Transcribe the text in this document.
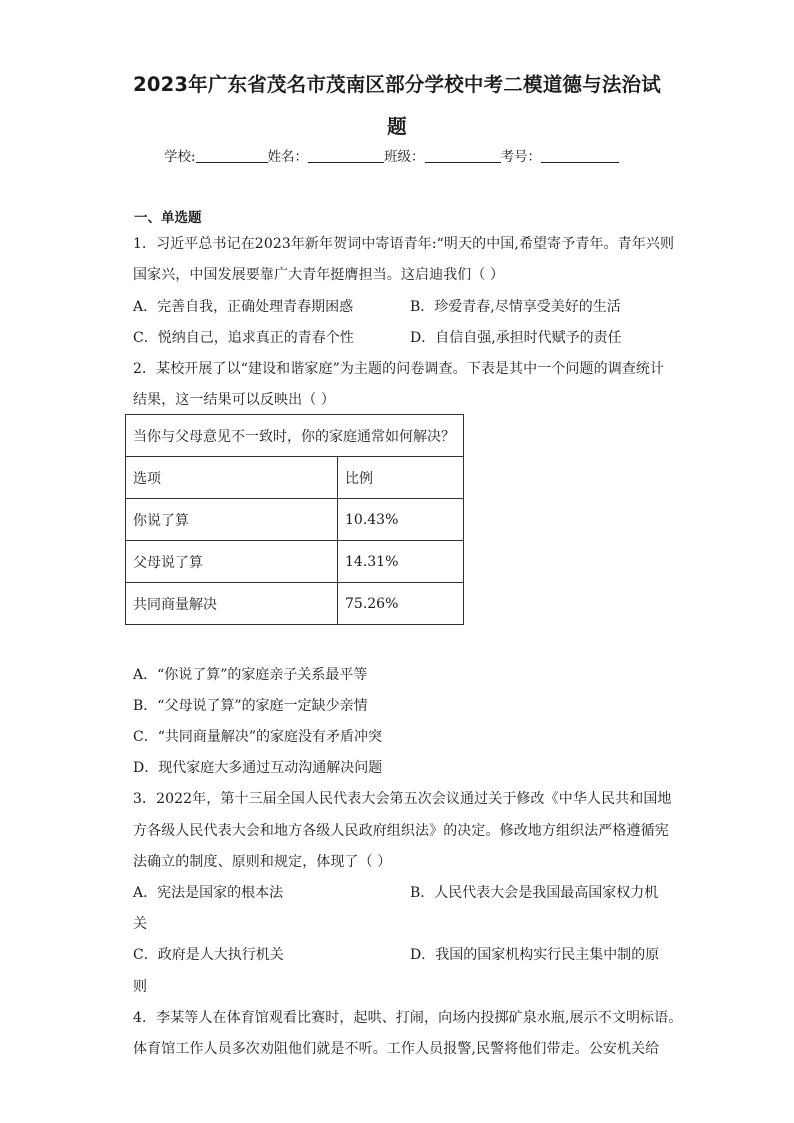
2023年广东省茂名市茂南区部分学校中考二模道德与法治试
题
学校:	姓名：	班级：	考号：
一、单选题
1．习近平总书记在2023年新年贺词中寄语青年:“明天的中国,希望寄予青年。青年兴则
国家兴，中国发展要靠广大青年挺膺担当。这启迪我们（ ）
A．完善自我，正确处理青春期困惑	B．珍爱青春,尽情享受美好的生活
C．悦纳自己，追求真正的青春个性	D．自信自强,承担时代赋予的责任
2．某校开展了以“建设和谐家庭”为主题的问卷调查。下表是其中一个问题的调查统计
结果，这一结果可以反映出（ ）
当你与父母意见不一致时，你的家庭通常如何解决？	
选项	比例
你说了算	10.43%
父母说了算	14.31%
共同商量解决	75.26%
A．“你说了算”的家庭亲子关系最平等
B．“父母说了算”的家庭一定缺少亲情
C．“共同商量解决”的家庭没有矛盾冲突
D．现代家庭大多通过互动沟通解决问题
3．2022年，第十三届全国人民代表大会第五次会议通过关于修改《中华人民共和国地
方各级人民代表大会和地方各级人民政府组织法》的决定。修改地方组织法严格遵循宪
法确立的制度、原则和规定，体现了（ ）
A．宪法是国家的根本法	B．人民代表大会是我国最高国家权力机
关
C．政府是人大执行机关	D．我国的国家机构实行民主集中制的原
则
4．李某等人在体育馆观看比赛时，起哄、打闹，向场内投掷矿泉水瓶,展示不文明标语。
体育馆工作人员多次劝阻他们就是不听。工作人员报警,民警将他们带走。公安机关给
